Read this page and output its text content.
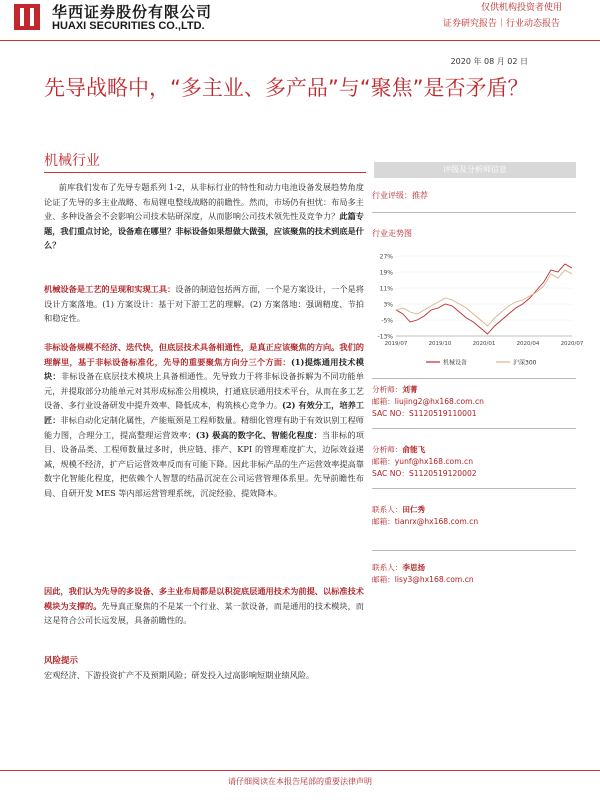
华西证券股份有限公司
HUAXI SECURITIES CO.,LTD.
仅供机构投资者使用
证券研究报告｜行业动态报告
2020 年 08 月 02 日
先导战略中，“多主业、多产品”与“聚焦”是否矛盾？
机械行业
前库我们发布了先导专题系列 1-2，从非标行业的特性和动力电池设备发展趋势角度论证了先导的多主业战略、布局锂电整线战略的前瞻性。然而，市场仍有担忧：布局多主业、多种设备会不会影响公司技术钻研深度，从而影响公司技术领先性及竞争力？此篇专题，我们重点讨论，设备难在哪里？非标设备如果想做大做强，应该聚焦的技术到底是什么？
机械设备是工艺的呈现和实现工具：设备的制造包括两方面，一个是方案设计，一个是将设计方案落地。(1) 方案设计：基于对下游工艺的理解。(2) 方案落地：强调精度、节拍和稳定性。
非标设备规模不经济、迭代快，但底层技术具备相通性，是真正应该聚焦的方向。我们的理解里，基于非标设备标准化，先导的重要聚焦方向分三个方面：(1)提炼通用技术模块：非标设备在底层技术模块上具备相通性。先导致力于将非标设备拆解为不同功能单元，并提取部分功能单元对其形成标准公用模块，打通底层通用技术平台，从而在多工艺设备、多行业设备研发中提升效率、降低成本，构筑核心竞争力。(2) 有效分工，培养工匠：非标自动化定制化属性，产能瓶颈是工程师数量。精细化管理有助于有效识别工程师能力图，合理分工，提高整理运营效率；(3) 极高的数字化、智能化程度：当非标的项目、设备品类、工程师数量过多时，供应链、排产、KPI 的管理难度扩大，边际效益递减，规模不经济，扩产后运营效率反而有可能下降。因此非标产品的生产运营效率提高靠数字化智能化程度，把依赖个人智慧的结晶沉淀在公司运营管理体系里。先导前瞻性布局、自研开发 MES 等内部运营管理系统，沉淀经验、提效降本。
因此，我们认为先导的多设备、多主业布局都是以积淀底层通用技术为前提、以标准技术模块为支撑的。先导真正聚焦的不是某一个行业、某一款设备，而是通用的技术模块，而这是符合公司长远发展，具备前瞻性的。
风险提示
宏观经济、下游投资扩产不及预期风险；研发投入过高影响短期业绩风险。
评级及分析师信息
行业评级：推荐
行业走势图
27%
19%
11%
3%
-5%
-13%
2019/07	2019/10	2020/01	2020/04	2020/07
机械设备	沪深300
分析师：刘菁
邮箱：liujing2@hx168.com.cn
SAC NO：S1120519110001
分析师：俞能飞
邮箱：yunf@hx168.com.cn
SAC NO：S1120519120002
联系人：田仁秀
邮箱：tianrx@hx168.com.cn
联系人：李思扬
邮箱：lisy3@hx168.com.cn
请仔细阅读在本报告尾部的重要法律声明
